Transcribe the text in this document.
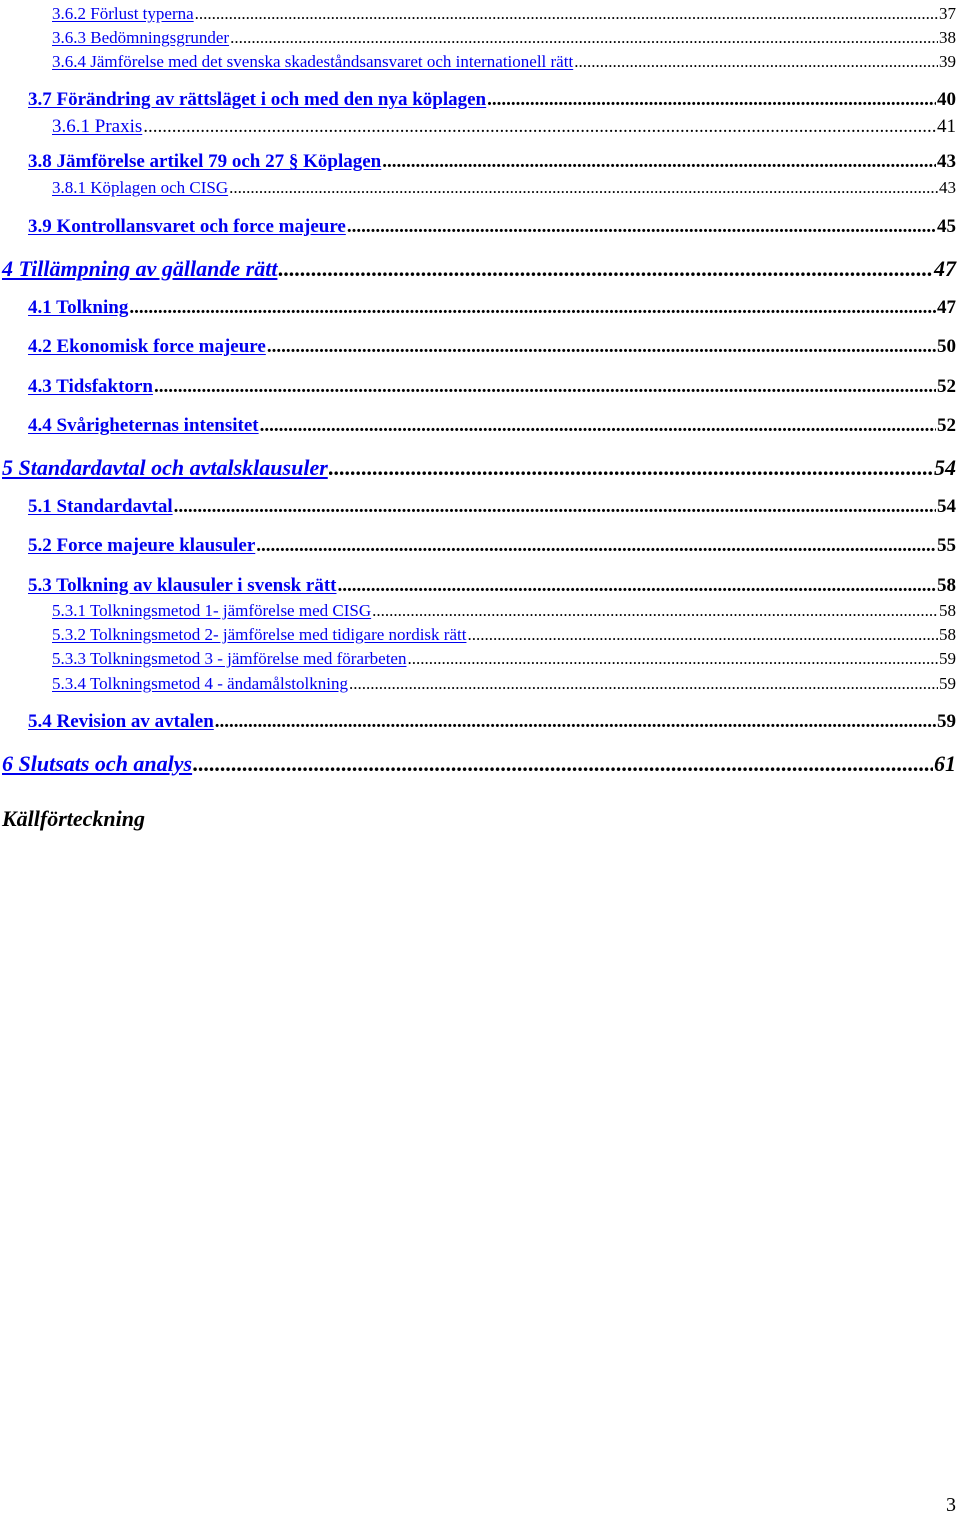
3.6.2 Förlust typerna .....	37
3.6.3 Bedömningsgrunder .....	38
3.6.4 Jämförelse med det svenska skadeståndsansvaret och internationell rätt .....	39
3.7 Förändring av rättsläget i och med den nya köplagen .....	40
3.6.1 Praxis .....	41
3.8 Jämförelse artikel 79 och 27 § Köplagen .....	43
3.8.1 Köplagen och CISG .....	43
3.9 Kontrollansvaret och force majeure .....	45
4 Tillämpning av gällande rätt .....	47
4.1 Tolkning .....	47
4.2 Ekonomisk force majeure .....	50
4.3 Tidsfaktorn .....	52
4.4 Svårigheternas intensitet .....	52
5 Standardavtal och avtalsklausuler .....	54
5.1 Standardavtal .....	54
5.2 Force majeure klausuler .....	55
5.3 Tolkning av klausuler i svensk rätt .....	58
5.3.1 Tolkningsmetod 1- jämförelse med CISG .....	58
5.3.2 Tolkningsmetod 2- jämförelse med tidigare nordisk rätt .....	58
5.3.3 Tolkningsmetod 3 - jämförelse med förarbeten .....	59
5.3.4 Tolkningsmetod 4 - ändamålstolkning .....	59
5.4 Revision av avtalen .....	59
6 Slutsats och analys .....	61
Källförteckning
3
